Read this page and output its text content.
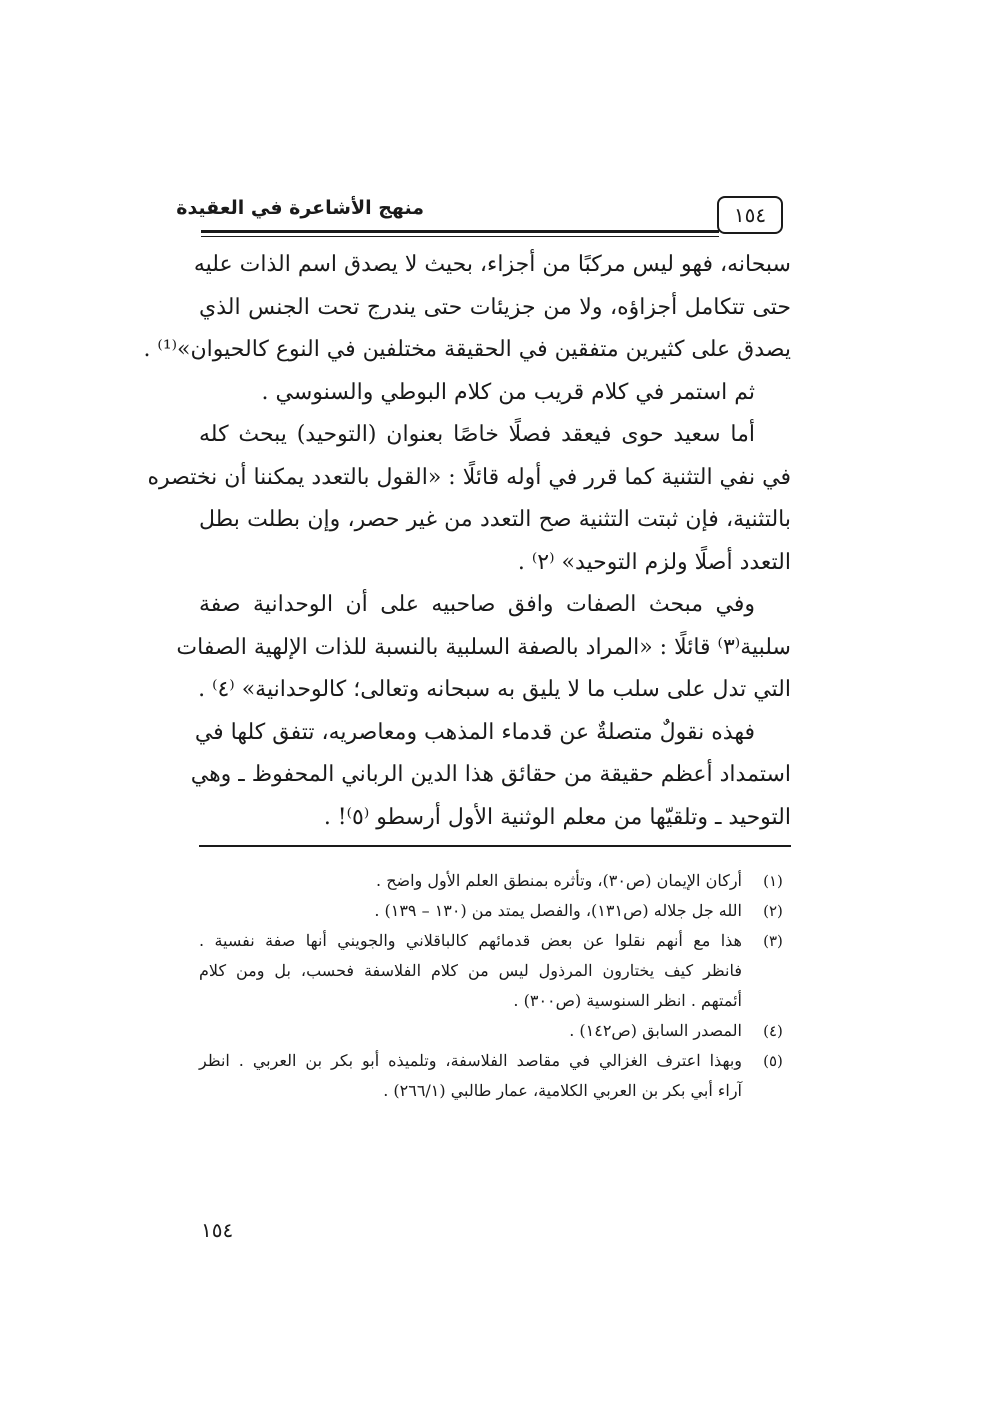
منهج الأشاعرة في العقيدة	١٥٤
سبحانه، فهو ليس مركبًا من أجزاء، بحيث لا يصدق اسم الذات عليه
حتى تتكامل أجزاؤه، ولا من جزيئات حتى يندرج تحت الجنس الذي
يصدق على كثيرين متفقين في الحقيقة مختلفين في النوع كالحيوان»⁽¹⁾ .
ثم استمر في كلام قريب من كلام البوطي والسنوسي .
أما سعيد حوى فيعقد فصلًا خاصًا بعنوان (التوحيد) يبحث كله
في نفي التثنية كما قرر في أوله قائلًا : «القول بالتعدد يمكننا أن نختصره
بالتثنية، فإن ثبتت التثنية صح التعدد من غير حصر، وإن بطلت بطل
التعدد أصلًا ولزم التوحيد» ⁽٢⁾ .
وفي مبحث الصفات وافق صاحبيه على أن الوحدانية صفة
سلبية⁽٣⁾ قائلًا : «المراد بالصفة السلبية بالنسبة للذات الإلهية الصفات
التي تدل على سلب ما لا يليق به سبحانه وتعالى؛ كالوحدانية» ⁽٤⁾ .
فهذه نقولٌ متصلةٌ عن قدماء المذهب ومعاصريه، تتفق كلها في
استمداد أعظم حقيقة من حقائق هذا الدين الرباني المحفوظ ـ وهي
التوحيد ـ وتلقيّها من معلم الوثنية الأول أرسطو ⁽٥⁾! .
(١)
أركان الإيمان (ص٣٠)، وتأثره بمنطق العلم الأول واضح .
(٢)
الله جل جلاله (ص١٣١)، والفصل يمتد من (١٣٠ – ١٣٩) .
(٣)
هذا مع أنهم نقلوا عن بعض قدمائهم كالباقلاني والجويني أنها صفة نفسية .
فانظر كيف يختارون المرذول ليس من كلام الفلاسفة فحسب، بل ومن كلام
أئمتهم . انظر السنوسية (ص٣٠٠) .
(٤)
المصدر السابق (ص١٤٢) .
(٥)
وبهذا اعترف الغزالي في مقاصد الفلاسفة، وتلميذه أبو بكر بن العربي . انظر
آراء أبي بكر بن العربي الكلامية، عمار طالبي (٢٦٦/١) .
١٥٤
